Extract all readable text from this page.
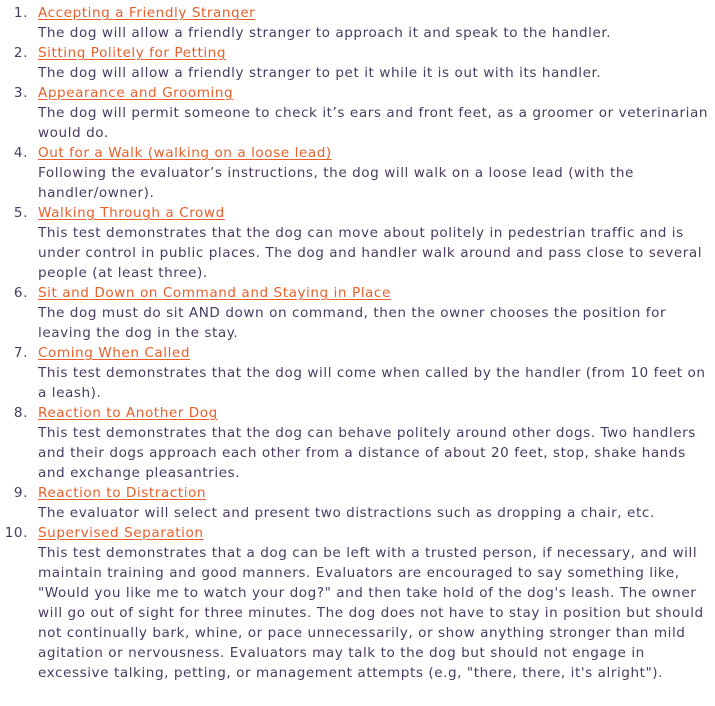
1. Accepting a Friendly Stranger
The dog will allow a friendly stranger to approach it and speak to the handler.
2. Sitting Politely for Petting
The dog will allow a friendly stranger to pet it while it is out with its handler.
3. Appearance and Grooming
The dog will permit someone to check it’s ears and front feet, as a groomer or veterinarian would do.
4. Out for a Walk (walking on a loose lead)
Following the evaluator’s instructions, the dog will walk on a loose lead (with the handler/owner).
5. Walking Through a Crowd
This test demonstrates that the dog can move about politely in pedestrian traffic and is under control in public places. The dog and handler walk around and pass close to several people (at least three).
6. Sit and Down on Command and Staying in Place
The dog must do sit AND down on command, then the owner chooses the position for leaving the dog in the stay.
7. Coming When Called
This test demonstrates that the dog will come when called by the handler (from 10 feet on a leash).
8. Reaction to Another Dog
This test demonstrates that the dog can behave politely around other dogs. Two handlers and their dogs approach each other from a distance of about 20 feet, stop, shake hands and exchange pleasantries.
9. Reaction to Distraction
The evaluator will select and present two distractions such as dropping a chair, etc.
10. Supervised Separation
This test demonstrates that a dog can be left with a trusted person, if necessary, and will maintain training and good manners. Evaluators are encouraged to say something like, "Would you like me to watch your dog?" and then take hold of the dog's leash. The owner will go out of sight for three minutes. The dog does not have to stay in position but should not continually bark, whine, or pace unnecessarily, or show anything stronger than mild agitation or nervousness. Evaluators may talk to the dog but should not engage in excessive talking, petting, or management attempts (e.g, "there, there, it's alright").
